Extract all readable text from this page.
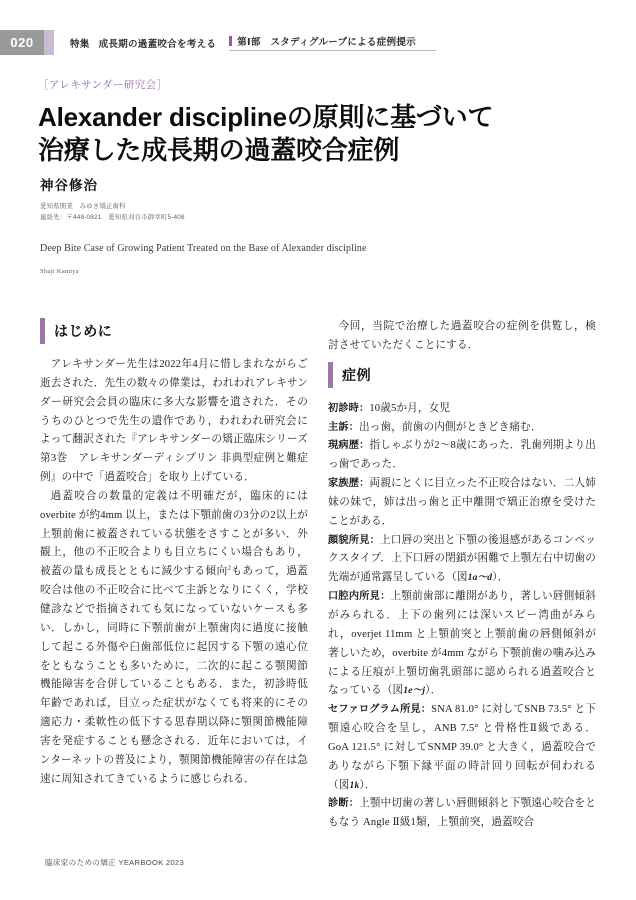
020	特集 成長期の過蓋咬合を考える 第Ⅰ部　スタディグループによる症例提示
［アレキサンダー研究会］
Alexander disciplineの原則に基づいて
治療した成長期の過蓋咬合症例
神谷修治
愛知県開業　みゆき矯正歯科
連絡先：〒448-0821　愛知県刈谷市御幸町5-408
Deep Bite Case of Growing Patient Treated on the Base of Alexander discipline
Shuji Kamiya
はじめに

アレキサンダー先生は2022年4月に惜しまれながらご逝去された．先生の数々の偉業は，われわれアレキサンダー研究会会員の臨床に多大な影響を遺された．そのうちのひとつで先生の遺作であり，われわれ研究会によって翻訳された『アレキサンダーの矯正臨床シリーズ第3巻　アレキサンダーディシプリン 非典型症例と難症例』の中で「過蓋咬合」を取り上げている．

過蓋咬合の数量的定義は不明確だが，臨床的にはoverbite が約4mm 以上，または下顎前歯の3分の2以上が上顎前歯に被蓋されている状態をさすことが多い．外観上，他の不正咬合よりも目立ちにくい場合もあり，被蓋の量も成長とともに減少する傾向$^2$もあって，過蓋咬合は他の不正咬合に比べて主訴となりにくく，学校健診などで指摘されても気になっていないケースも多い．しかし，同時に下顎前歯が上顎歯肉に過度に接触して起こる外傷や臼歯部低位に起因する下顎の遠心位をともなうことも多いために，二次的に起こる顎関節機能障害を合併していることもある．また，初診時低年齢であれば，目立った症状がなくても将来的にその適応力・柔軟性の低下する思春期以降に顎関節機能障害を発症することも懸念される．近年においては，インターネットの普及により，顎関節機能障害の存在は急速に周知されてきているように感じられる．

今回，当院で治療した過蓋咬合の症例を供覧し，検討させていただくことにする．

症例

初診時：10歳5か月，女児

主訴：出っ歯，前歯の内側がときどき痛む．

現病歴：指しゃぶりが2〜8歳にあった．乳歯列期より出っ歯であった．

家族歴：両親にとくに目立った不正咬合はない．二人姉妹の妹で，姉は出っ歯と正中離開で矯正治療を受けたことがある．

顔貌所見：上口唇の突出と下顎の後退感があるコンベックスタイプ．上下口唇の閉鎖が困難で上顎左右中切歯の先端が通常露呈している（図1a〜d）．

口腔内所見：上顎前歯部に離開があり，著しい唇側傾斜がみられる．上下の歯列には深いスピー湾曲がみられ，overjet 11mm と上顎前突と上顎前歯の唇側傾斜が著しいため，overbite が4mm ながら下顎前歯の噛み込みによる圧痕が上顎切歯乳頭部に認められる過蓋咬合となっている（図1e〜j）．

セファログラム所見：SNA 81.0° に対してSNB 73.5° と下顎遠心咬合を呈し，ANB 7.5° と骨格性Ⅱ級である．GoA 121.5° に対してSNMP 39.0° と大きく，過蓋咬合でありながら下顎下縁平面の時計回り回転が伺われる（図1k）．

診断：上顎中切歯の著しい唇側傾斜と下顎遠心咬合をともなう Angle Ⅱ級1類，上顎前突，過蓋咬合

臨床家のための矯正 YEARBOOK 2023
